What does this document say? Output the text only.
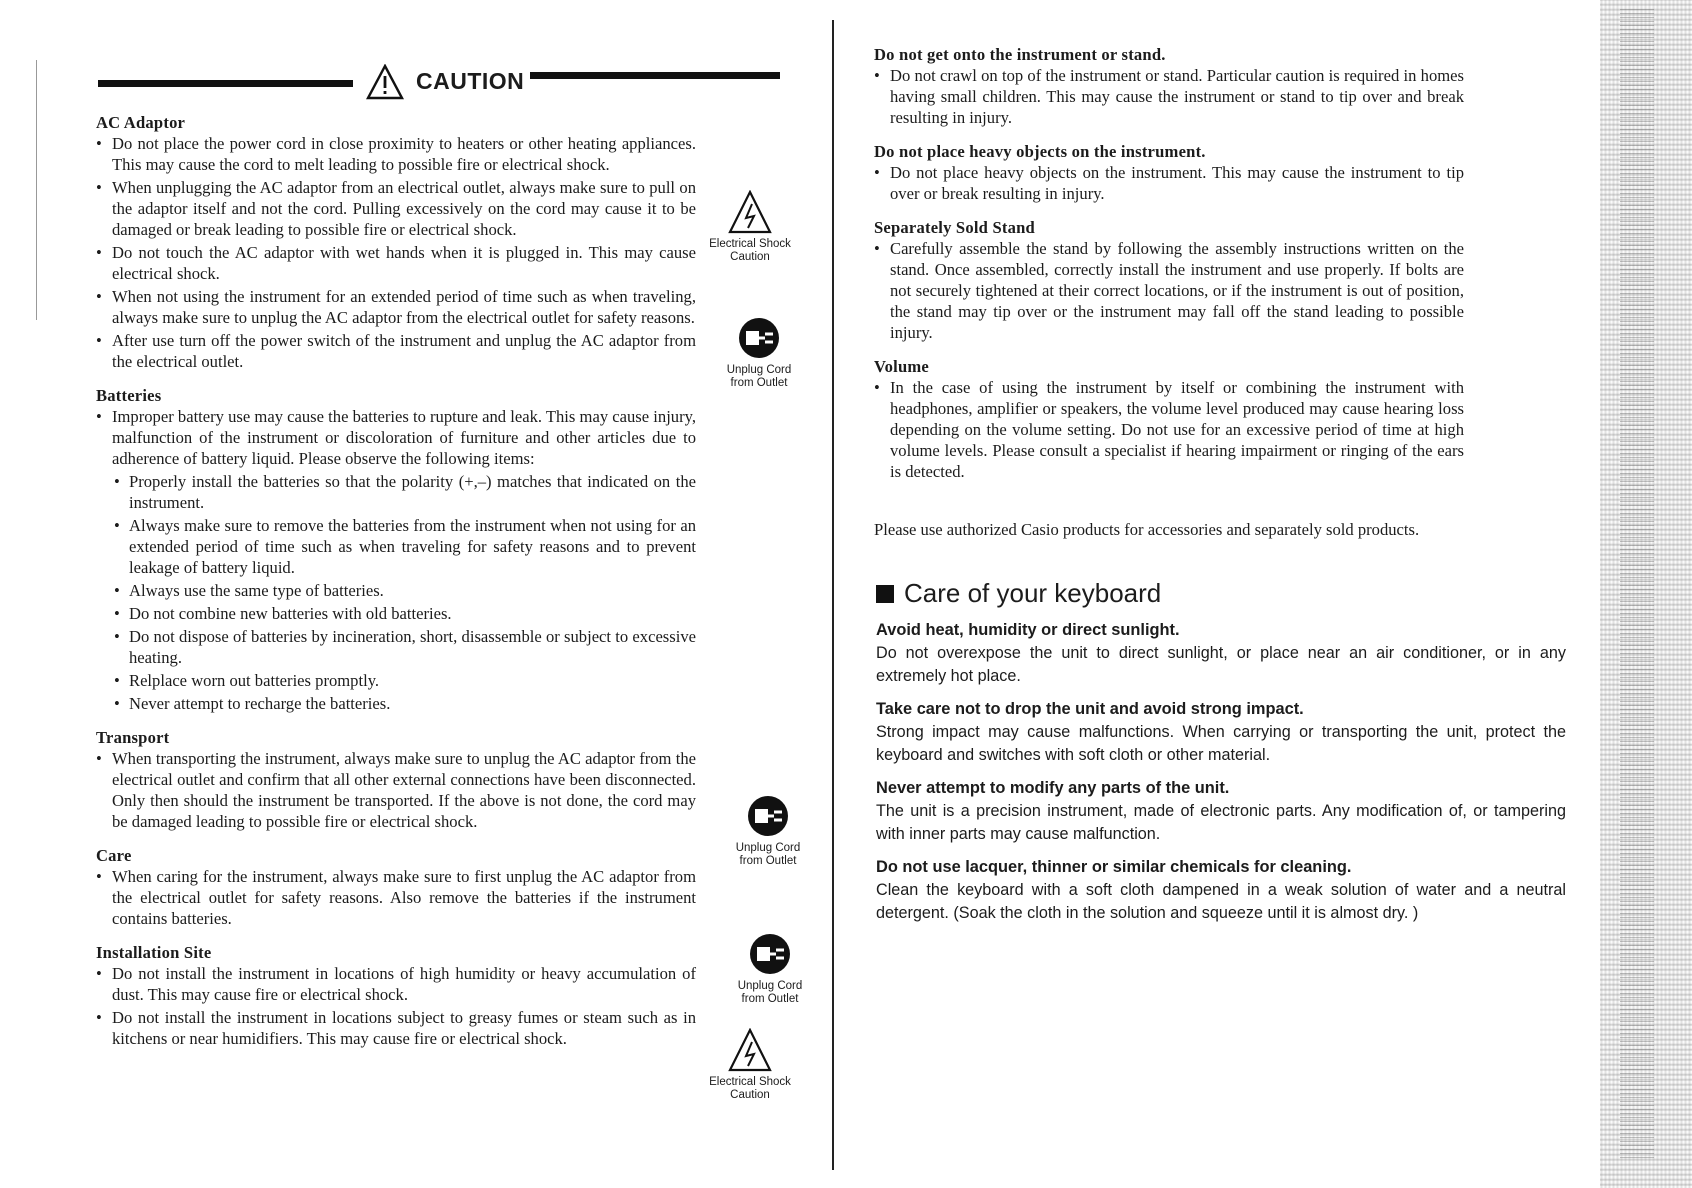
CAUTION
AC Adaptor
• Do not place the power cord in close proximity to heaters or other heating appliances. This may cause the cord to melt leading to possible fire or electrical shock.
• When unplugging the AC adaptor from an electrical outlet, always make sure to pull on the adaptor itself and not the cord. Pulling excessively on the cord may cause it to be damaged or break leading to possible fire or electrical shock.
• Do not touch the AC adaptor with wet hands when it is plugged in. This may cause electrical shock.
• When not using the instrument for an extended period of time such as when traveling, always make sure to unplug the AC adaptor from the electrical outlet for safety reasons.
• After use turn off the power switch of the instrument and unplug the AC adaptor from the electrical outlet.
Batteries
• Improper battery use may cause the batteries to rupture and leak. This may cause injury, malfunction of the instrument or discoloration of furniture and other articles due to adherence of battery liquid. Please observe the following items:
• Properly install the batteries so that the polarity (+,–) matches that indicated on the instrument.
• Always make sure to remove the batteries from the instrument when not using for an extended period of time such as when traveling for safety reasons and to prevent leakage of battery liquid.
• Always use the same type of batteries.
• Do not combine new batteries with old batteries.
• Do not dispose of batteries by incineration, short, disassemble or subject to excessive heating.
• Relplace worn out batteries promptly.
• Never attempt to recharge the batteries.
Transport
• When transporting the instrument, always make sure to unplug the AC adaptor from the electrical outlet and confirm that all other external connections have been disconnected. Only then should the instrument be transported. If the above is not done, the cord may be damaged leading to possible fire or electrical shock.
Care
• When caring for the instrument, always make sure to first unplug the AC adaptor from the electrical outlet for safety reasons. Also remove the batteries if the instrument contains batteries.
Installation Site
• Do not install the instrument in locations of high humidity or heavy accumulation of dust. This may cause fire or electrical shock.
• Do not install the instrument in locations subject to greasy fumes or steam such as in kitchens or near humidifiers. This may cause fire or electrical shock.
Electrical Shock
Caution
Unplug Cord
from Outlet
Unplug Cord
from Outlet
Unplug Cord
from Outlet
Electrical Shock
Caution
Do not get onto the instrument or stand.
• Do not crawl on top of the instrument or stand. Particular caution is required in homes having small children. This may cause the instrument or stand to tip over and break resulting in injury.
Do not place heavy objects on the instrument.
• Do not place heavy objects on the instrument. This may cause the instrument to tip over or break resulting in injury.
Separately Sold Stand
• Carefully assemble the stand by following the assembly instructions written on the stand. Once assembled, correctly install the instrument and use properly. If bolts are not securely tightened at their correct locations, or if the instrument is out of position, the stand may tip over or the instrument may fall off the stand leading to possible injury.
Volume
• In the case of using the instrument by itself or combining the instrument with headphones, amplifier or speakers, the volume level produced may cause hearing loss depending on the volume setting. Do not use for an excessive period of time at high volume levels. Please consult a specialist if hearing impairment or ringing of the ears is detected.
Please use authorized Casio products for accessories and separately sold products.
Care of your keyboard
Avoid heat, humidity or direct sunlight.

Do not overexpose the unit to direct sunlight, or place near an air conditioner, or in any extremely hot place.

Take care not to drop the unit and avoid strong impact.

Strong impact may cause malfunctions. When carrying or transporting the unit, protect the keyboard and switches with soft cloth or other material.

Never attempt to modify any parts of the unit.

The unit is a precision instrument, made of electronic parts. Any modification of, or tampering with inner parts may cause malfunction.

Do not use lacquer, thinner or similar chemicals for cleaning.

Clean the keyboard with a soft cloth dampened in a weak solution of water and a neutral detergent. (Soak the cloth in the solution and squeeze until it is almost dry. )
